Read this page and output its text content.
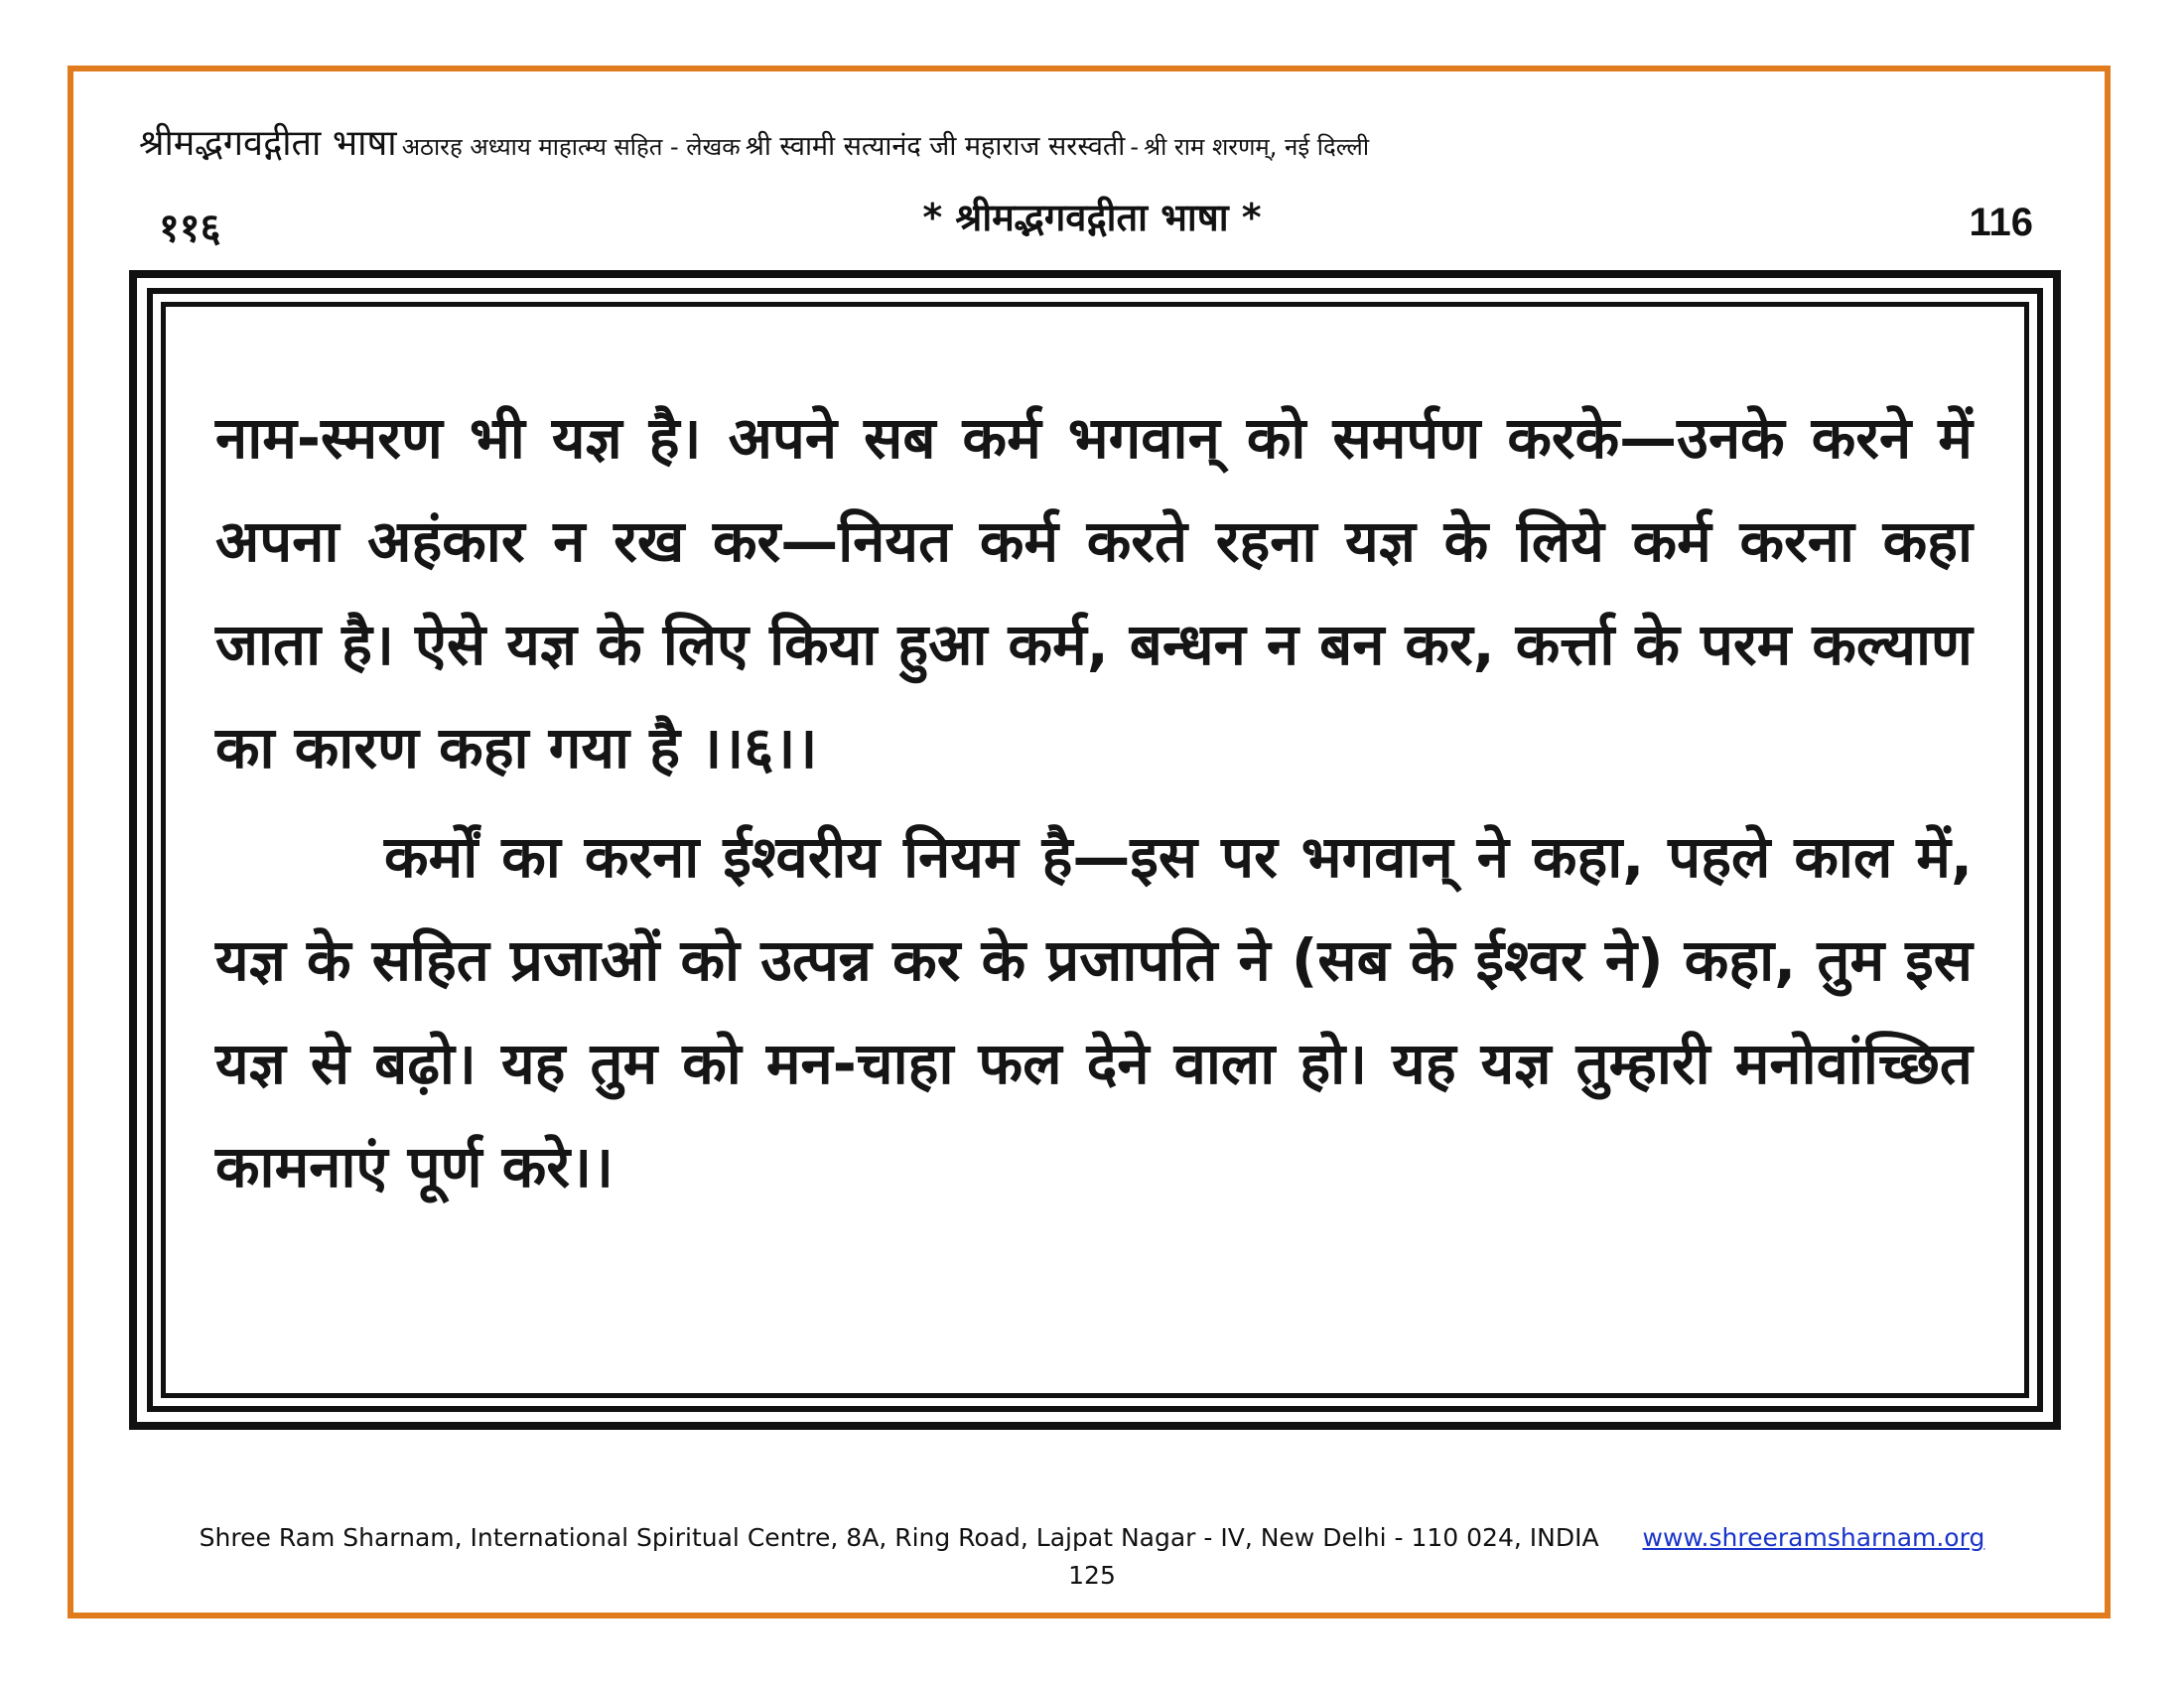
श्रीमद्भगवद्गीता भाषा अठारह अध्याय माहात्म्य सहित - लेखक श्री स्वामी सत्यानंद जी महाराज सरस्वती - श्री राम शरणम्, नई दिल्ली
११६	* श्रीमद्भगवद्गीता भाषा *	116

नाम-स्मरण भी यज्ञ है। अपने सब कर्म भगवान् को समर्पण करके—उनके करने में अपना अहंकार न रख कर—नियत कर्म करते रहना यज्ञ के लिये कर्म करना कहा जाता है। ऐसे यज्ञ के लिए किया हुआ कर्म, बन्धन न बन कर, कर्त्ता के परम कल्याण का कारण कहा गया है ।।६।।

कर्मों का करना ईश्वरीय नियम है—इस पर भगवान् ने कहा, पहले काल में, यज्ञ के सहित प्रजाओं को उत्पन्न कर के प्रजापति ने (सब के ईश्वर ने) कहा, तुम इस यज्ञ से बढ़ो। यह तुम को मन-चाहा फल देने वाला हो। यह यज्ञ तुम्हारी मनोवांच्छित कामनाएं पूर्ण करे।।

Shree Ram Sharnam, International Spiritual Centre, 8A, Ring Road, Lajpat Nagar - IV, New Delhi - 110 024, INDIA www.shreeramsharnam.org
125
